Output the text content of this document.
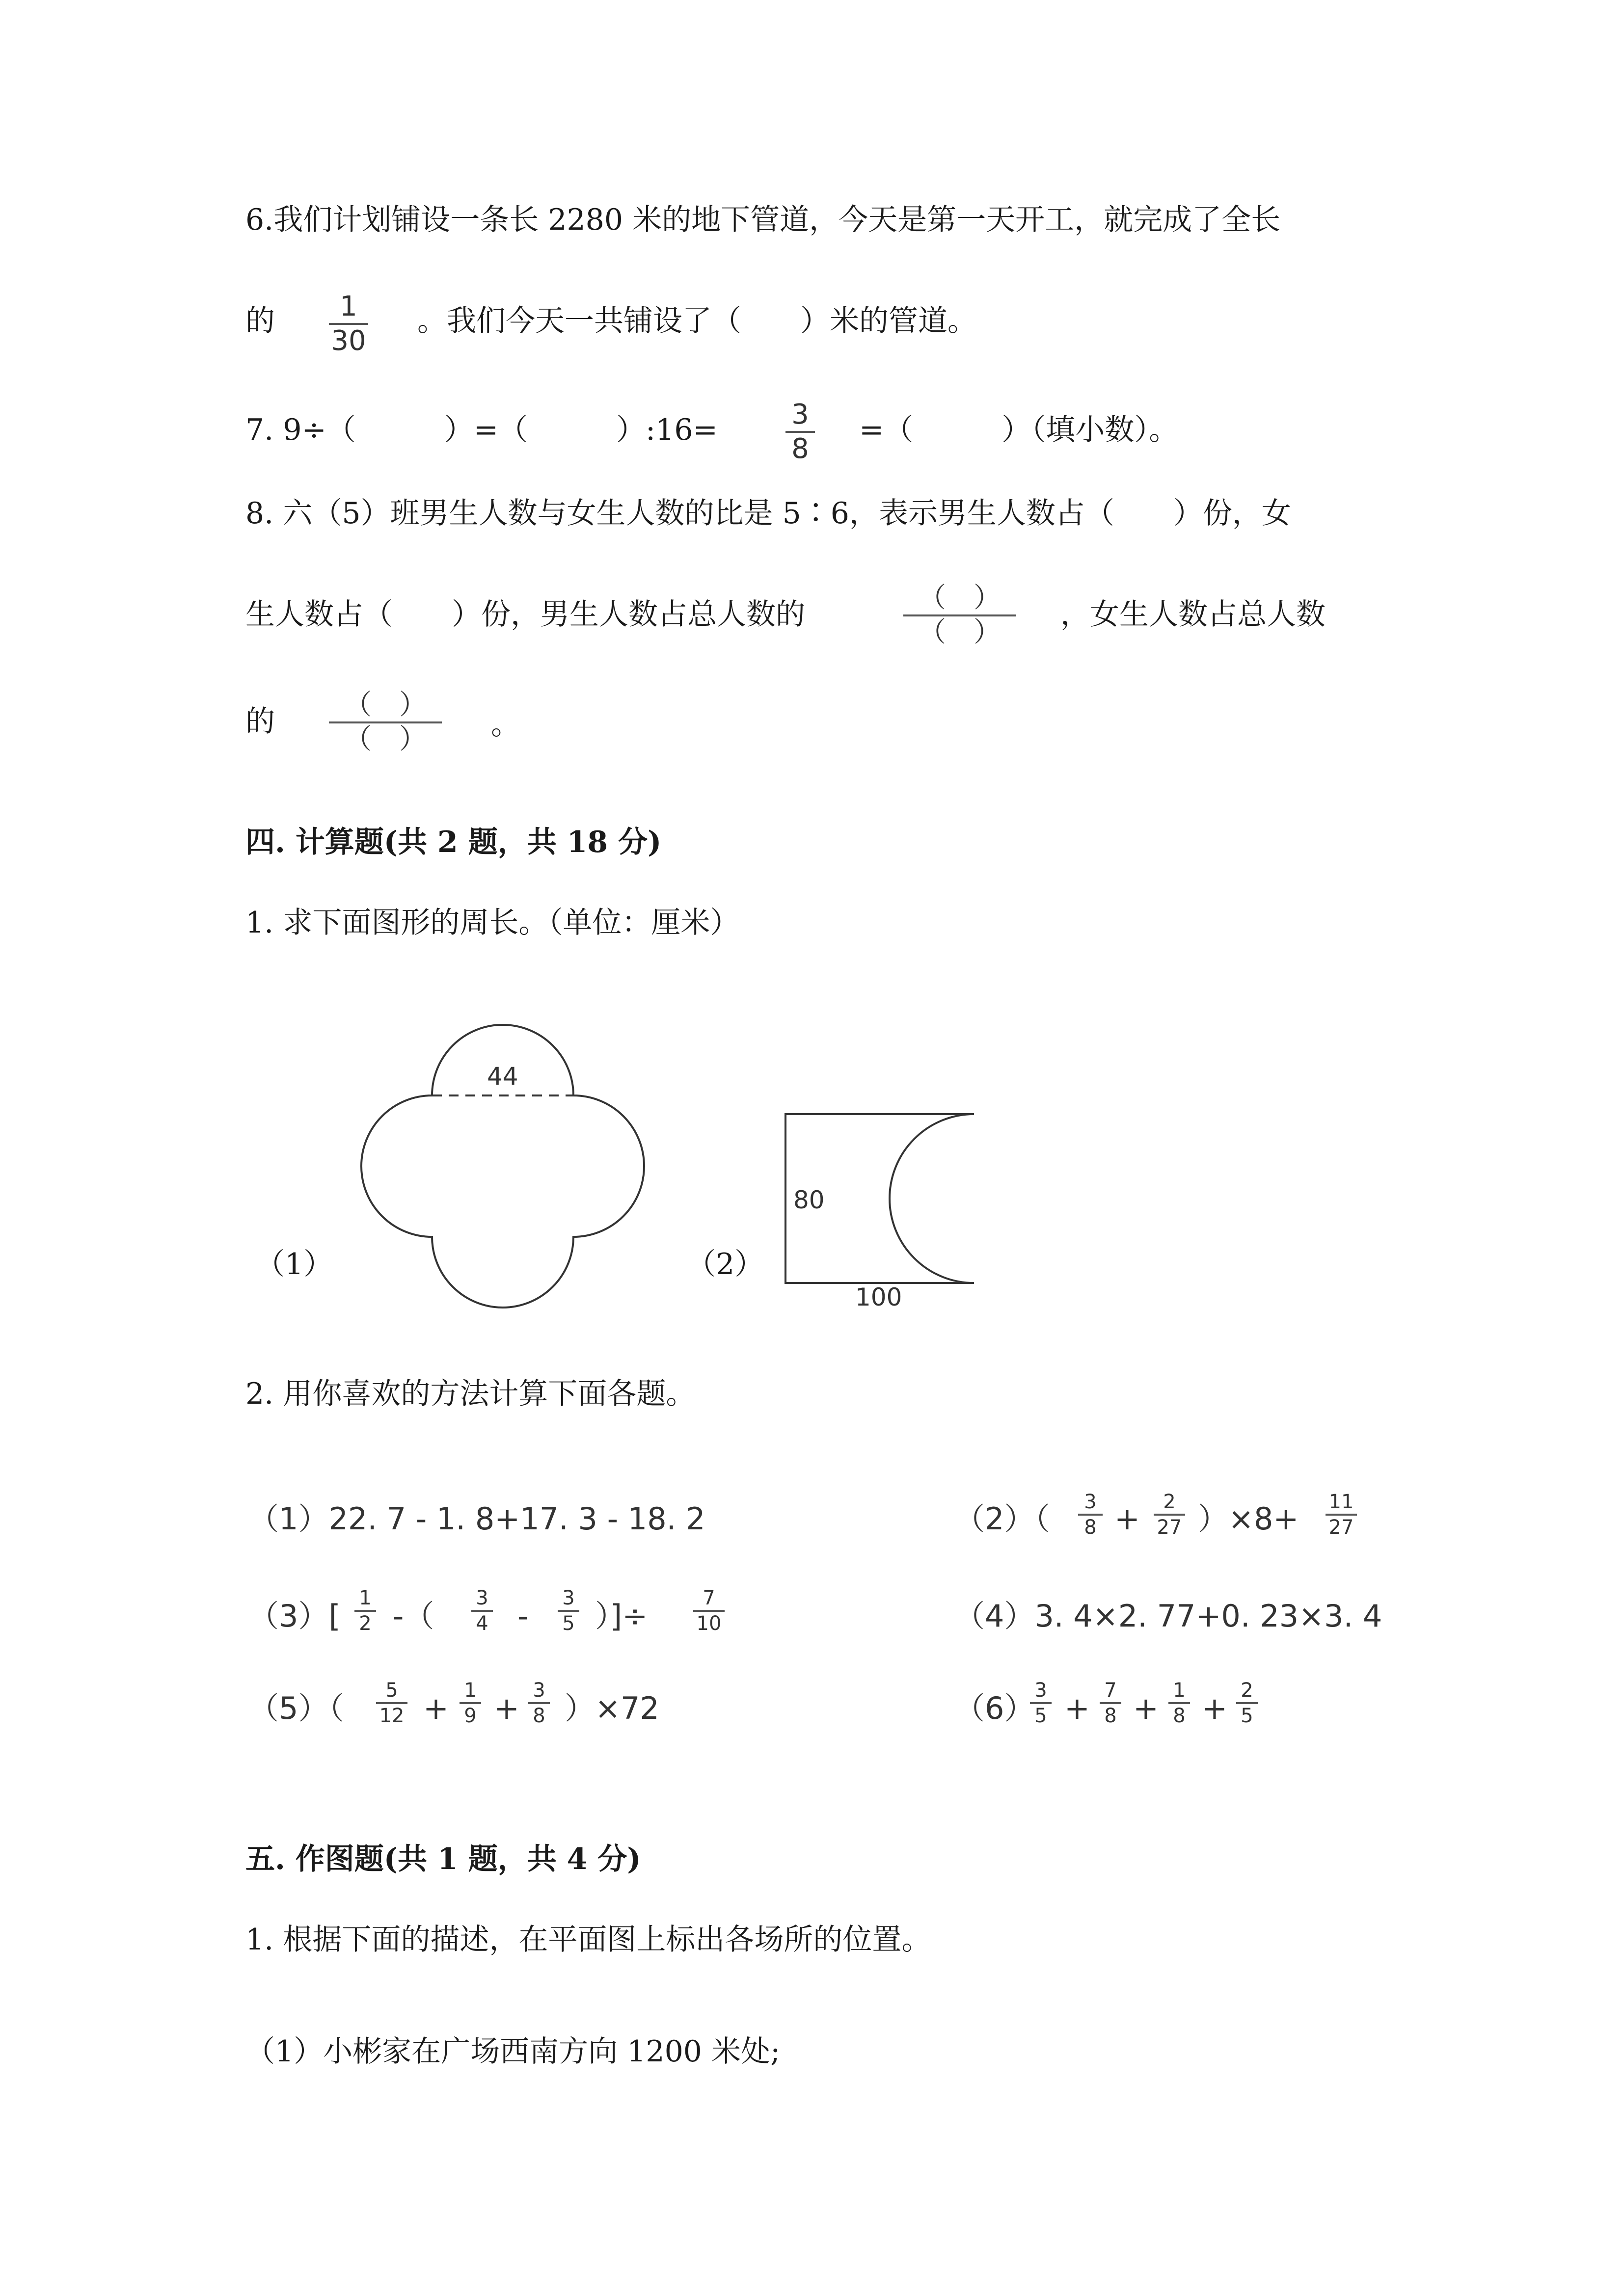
6.我们计划铺设一条长 2280 米的地下管道，今天是第一天开工，就完成了全长
的 1
30
。我们今天一共铺设了（　　）米的管道。
7. 9÷（　　　）=（　　　）:16=	3
8
=（　　　）（填小数）。
8. 六（5）班男生人数与女生人数的比是 5∶6，表示男生人数占（　　）份，女
生人数占（　　）份，男生人数占总人数的	（　）
（　）
，女生人数占总人数
的	（　）
（　） 。
四. 计算题(共 2 题，共 18 分)
1. 求下面图形的周长。（单位：厘米）
（1）
44
（2）
80
100
2. 用你喜欢的方法计算下面各题。
（1）22. 7 - 1. 8+17. 3 - 18. 2	（2）（ 3
8 + 2
27 ）×8+ 11
27
（3）[ 1
2 -（ 3
4 - 3
5 ）]÷	7
10	（4）3. 4×2. 77+0. 23×3. 4
（5）（ 5
12 + 1
9 + 3
8 ）×72	（6） 3
5 + 7
8 + 1
8 + 2
5
五. 作图题(共 1 题，共 4 分)
1. 根据下面的描述，在平面图上标出各场所的位置。
（1）小彬家在广场西南方向 1200 米处;
